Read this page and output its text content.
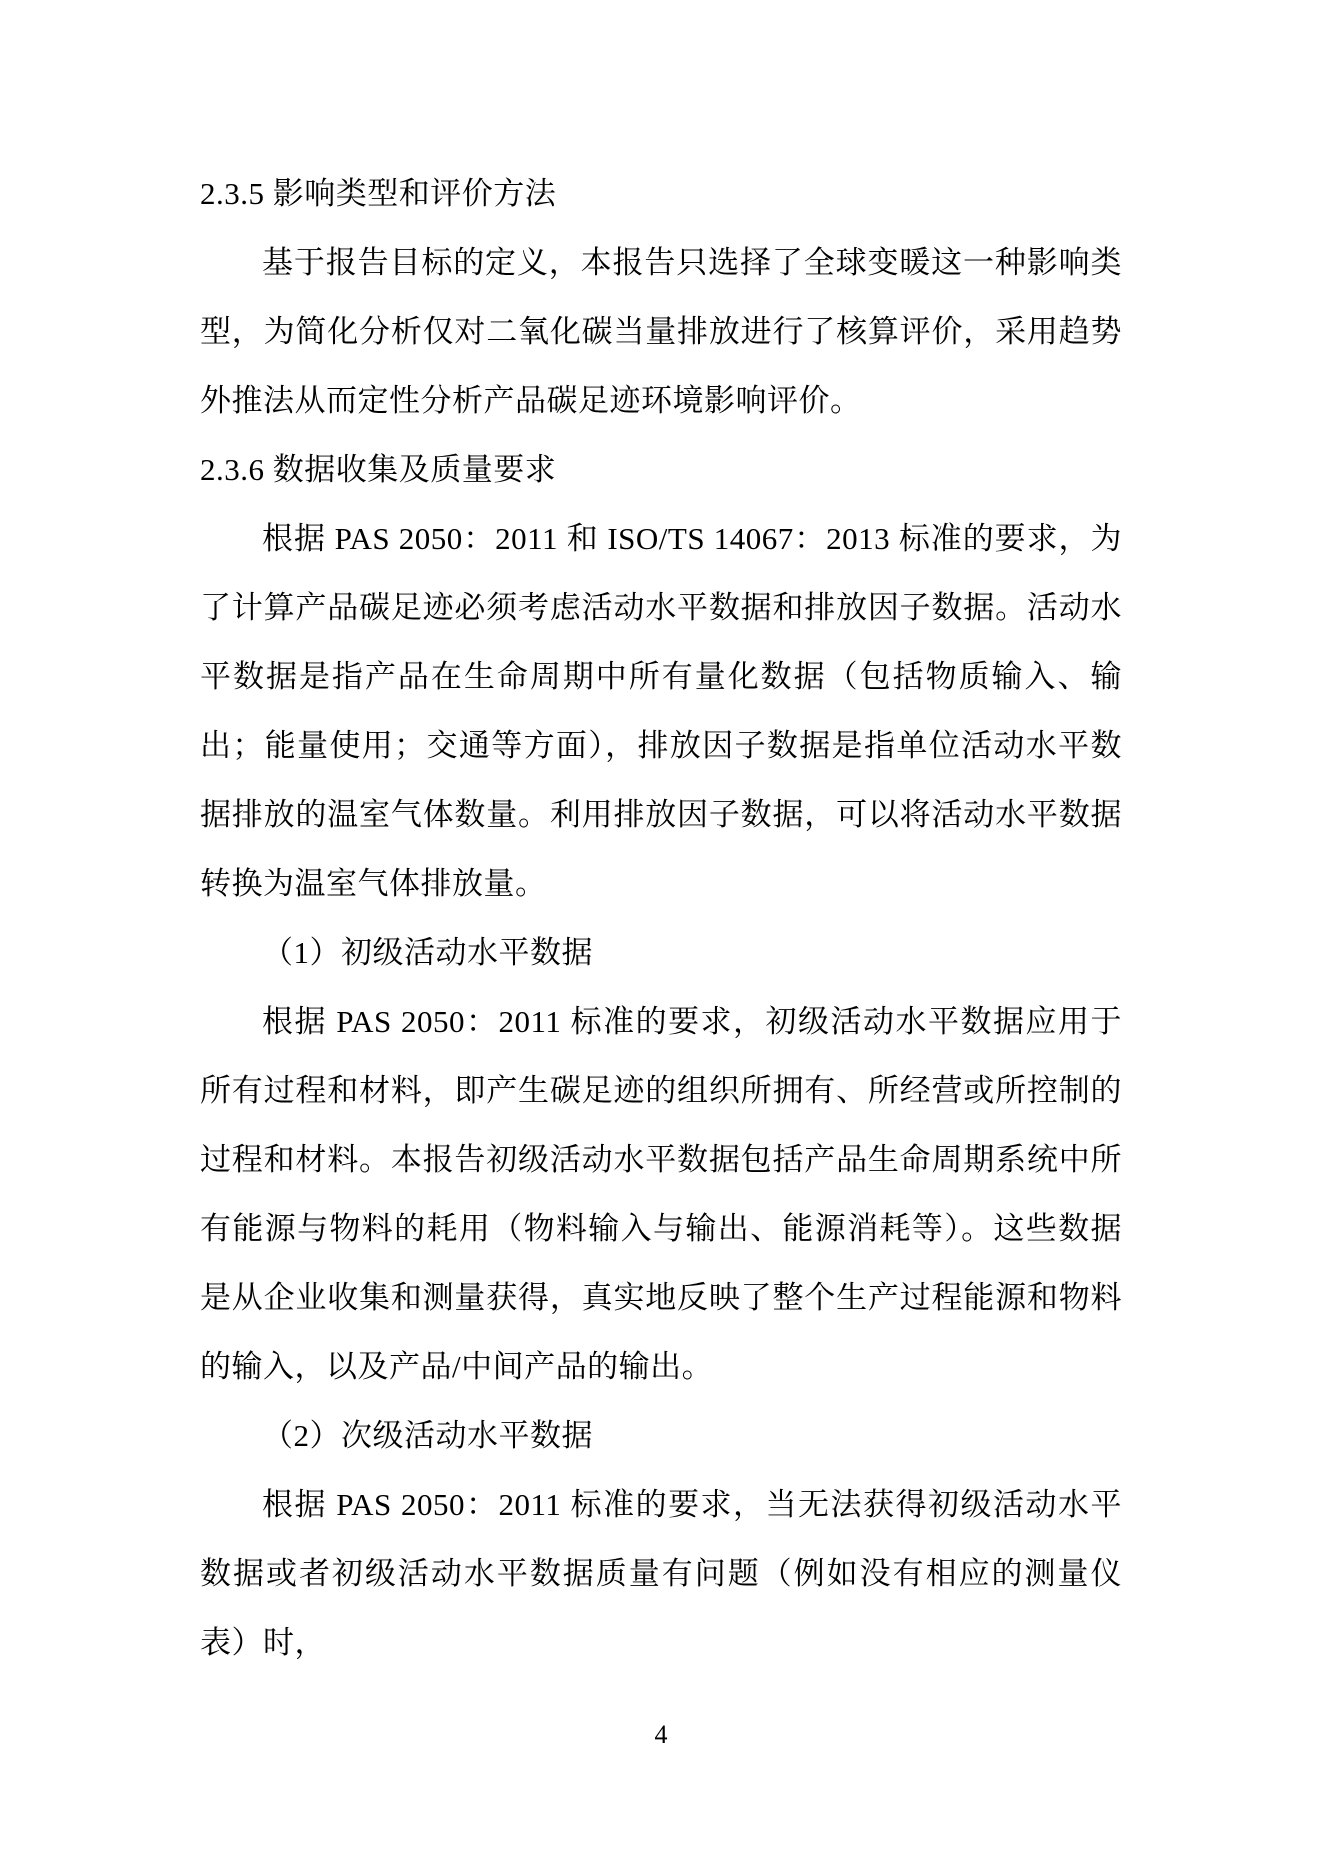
2.3.5 影响类型和评价方法

基于报告目标的定义，本报告只选择了全球变暖这一种影响类型，为简化分析仅对二氧化碳当量排放进行了核算评价，采用趋势外推法从而定性分析产品碳足迹环境影响评价。

2.3.6 数据收集及质量要求

根据 PAS 2050：2011 和 ISO/TS 14067：2013 标准的要求，为了计算产品碳足迹必须考虑活动水平数据和排放因子数据。活动水平数据是指产品在生命周期中所有量化数据（包括物质输入、输出；能量使用；交通等方面），排放因子数据是指单位活动水平数据排放的温室气体数量。利用排放因子数据，可以将活动水平数据转换为温室气体排放量。

（1）初级活动水平数据

根据 PAS 2050：2011 标准的要求，初级活动水平数据应用于所有过程和材料，即产生碳足迹的组织所拥有、所经营或所控制的过程和材料。本报告初级活动水平数据包括产品生命周期系统中所有能源与物料的耗用（物料输入与输出、能源消耗等）。这些数据是从企业收集和测量获得，真实地反映了整个生产过程能源和物料的输入，以及产品/中间产品的输出。

（2）次级活动水平数据

根据 PAS 2050：2011 标准的要求，当无法获得初级活动水平数据或者初级活动水平数据质量有问题（例如没有相应的测量仪表）时，

4
